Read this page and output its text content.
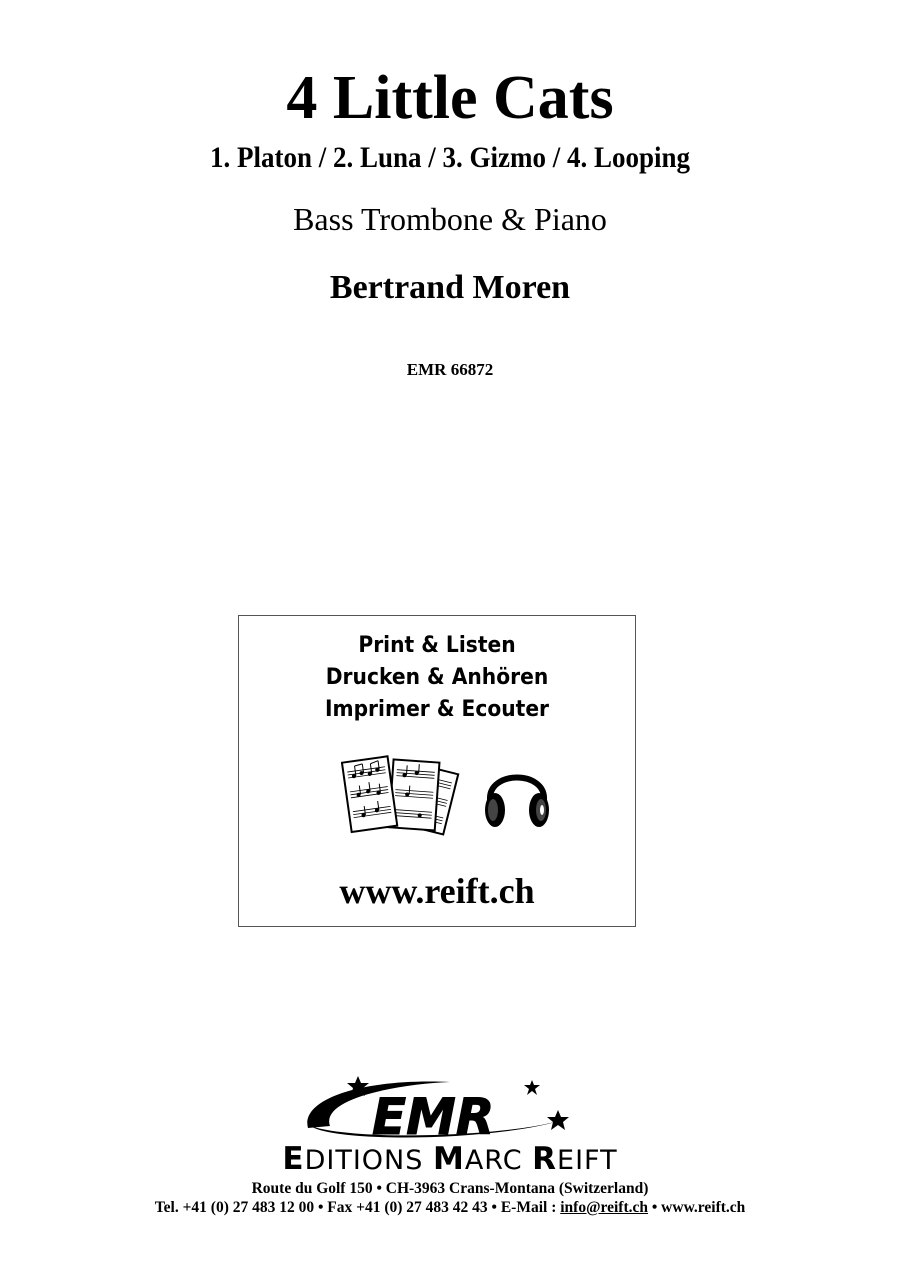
4 Little Cats
1. Platon / 2. Luna / 3. Gizmo / 4. Looping
Bass Trombone & Piano
Bertrand Moren
EMR 66872
Print & Listen
Drucken & Anhören
Imprimer & Ecouter
www.reift.ch
EMR
EDITIONS MARC REIFT
Route du Golf 150 • CH-3963 Crans-Montana (Switzerland)
Tel. +41 (0) 27 483 12 00 • Fax +41 (0) 27 483 42 43 • E-Mail : info@reift.ch • www.reift.ch
